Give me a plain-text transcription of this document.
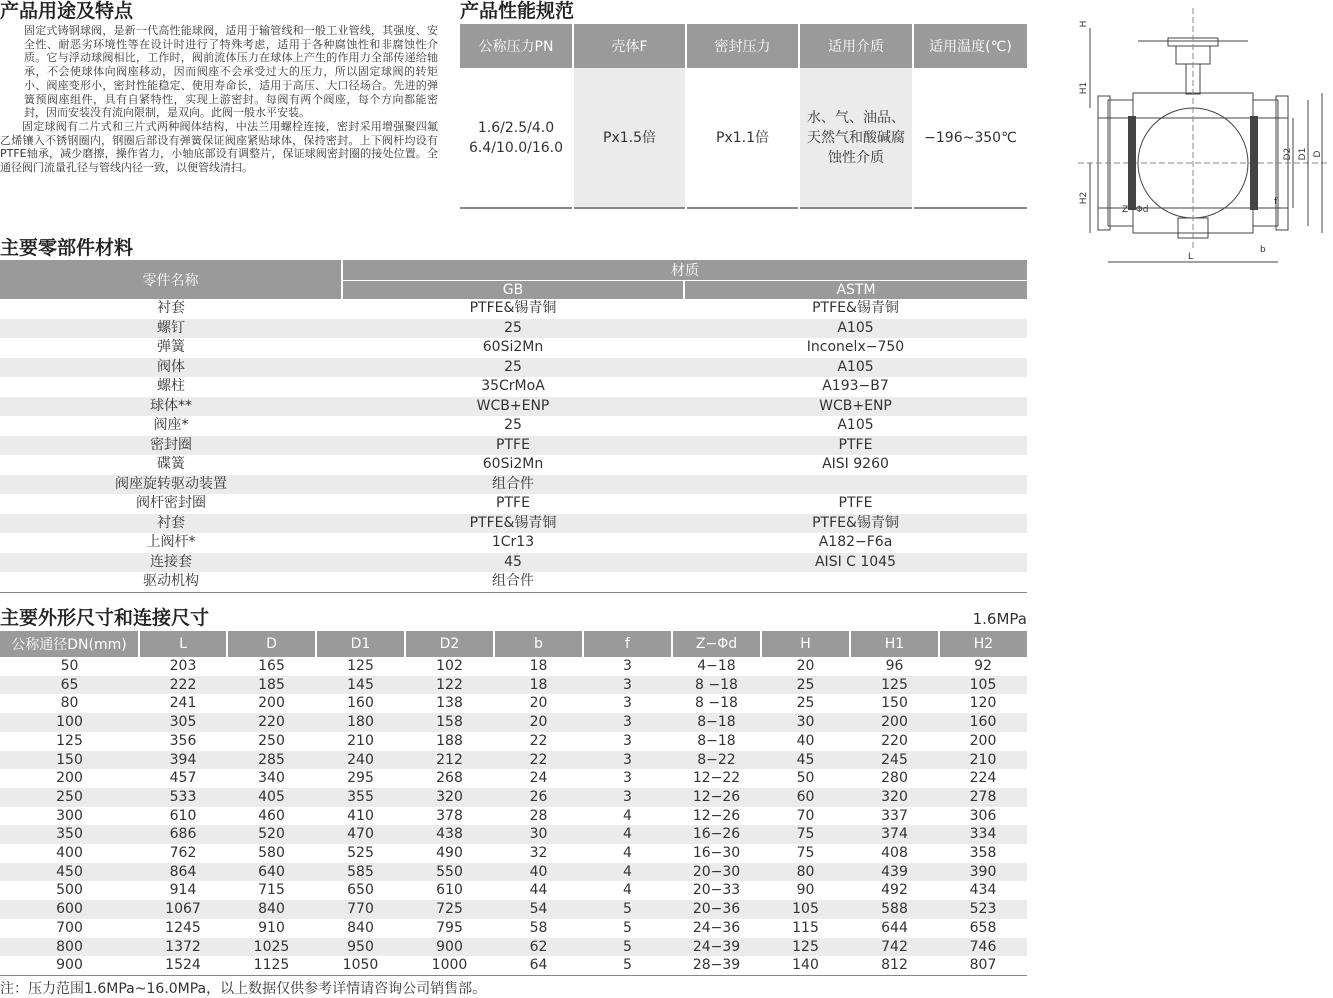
产品用途及特点

固定式铸钢球阀，是新一代高性能球阀，适用于输管线和一般工业管线，其强度、安全性、耐恶劣环境性等在设计时进行了特殊考虑，适用于各种腐蚀性和非腐蚀性介质。它与浮动球阀相比，工作时，阀前流体压力在球体上产生的作用力全部传递给轴承，不会使球体向阀座移动，因而阀座不会承受过大的压力，所以固定球阀的转矩小、阀座变形小，密封性能稳定、使用寿命长，适用于高压、大口径场合。先进的弹簧预阀座组件，具有自紧特性，实现上游密封。每阀有两个阀座，每个方向都能密封，因而安装没有流向限制，是双向。此阀一般水平安装。

固定球阀有二片式和三片式两种阀体结构，中法兰用螺栓连接，密封采用增强聚四氟乙烯镶入不锈钢圈内，钢圈后部设有弹簧保证阀座紧贴球体，保持密封。上下阀杆均设有PTFE轴承，减少磨擦，操作省力，小轴底部设有调整片，保证球阀密封圈的接处位置。全通径阀门流量孔径与管线内径一致，以便管线清扫。

产品性能规范
公称压力PN	壳体F	密封压力	适用介质	适用温度(℃)

1.6/2.5/4.0
6.4/10.0/16.0	Px1.5倍	Px1.1倍	水、气、油品、天然气和酸碱腐蚀性介质	−196~350℃
H
H1
H2
D2 D1 D
L
b
f
Z−Φd
主要零部件材料
零件名称	材质	
	GB	ASTM
衬套	PTFE&锡青铜	PTFE&锡青铜
螺钉	25	A105
弹簧	60Si2Mn	Inconelx−750
阀体	25	A105
螺柱	35CrMoA	A193−B7
球体**	WCB+ENP	WCB+ENP
阀座*	25	A105
密封圈	PTFE	PTFE
碟簧	60Si2Mn	AISI 9260
阀座旋转驱动装置	组合件	
阀杆密封圈	PTFE	PTFE
衬套	PTFE&锡青铜	PTFE&锡青铜
上阀杆*	1Cr13	A182−F6a
连接套	45	AISI C 1045
驱动机构	组合件	
主要外形尺寸和连接尺寸	1.6MPa
公称通径DN(mm)	L	D	D1	D2	b	f	Z−Φd	H	H1	H2
50	203	165	125	102	18	3	4−18	20	96	92
65	222	185	145	122	18	3	8 −18	25	125	105
80	241	200	160	138	20	3	8 −18	25	150	120
100	305	220	180	158	20	3	8−18	30	200	160
125	356	250	210	188	22	3	8−18	40	220	200
150	394	285	240	212	22	3	8−22	45	245	210
200	457	340	295	268	24	3	12−22	50	280	224
250	533	405	355	320	26	3	12−26	60	320	278
300	610	460	410	378	28	4	12−26	70	337	306
350	686	520	470	438	30	4	16−26	75	374	334
400	762	580	525	490	32	4	16−30	75	408	358
450	864	640	585	550	40	4	20−30	80	439	390
500	914	715	650	610	44	4	20−33	90	492	434
600	1067	840	770	725	54	5	20−36	105	588	523
700	1245	910	840	795	58	5	24−36	115	644	658
800	1372	1025	950	900	62	5	24−39	125	742	746
900	1524	1125	1050	1000	64	5	28−39	140	812	807
注：压力范围1.6MPa~16.0MPa，以上数据仅供参考详情请咨询公司销售部。
